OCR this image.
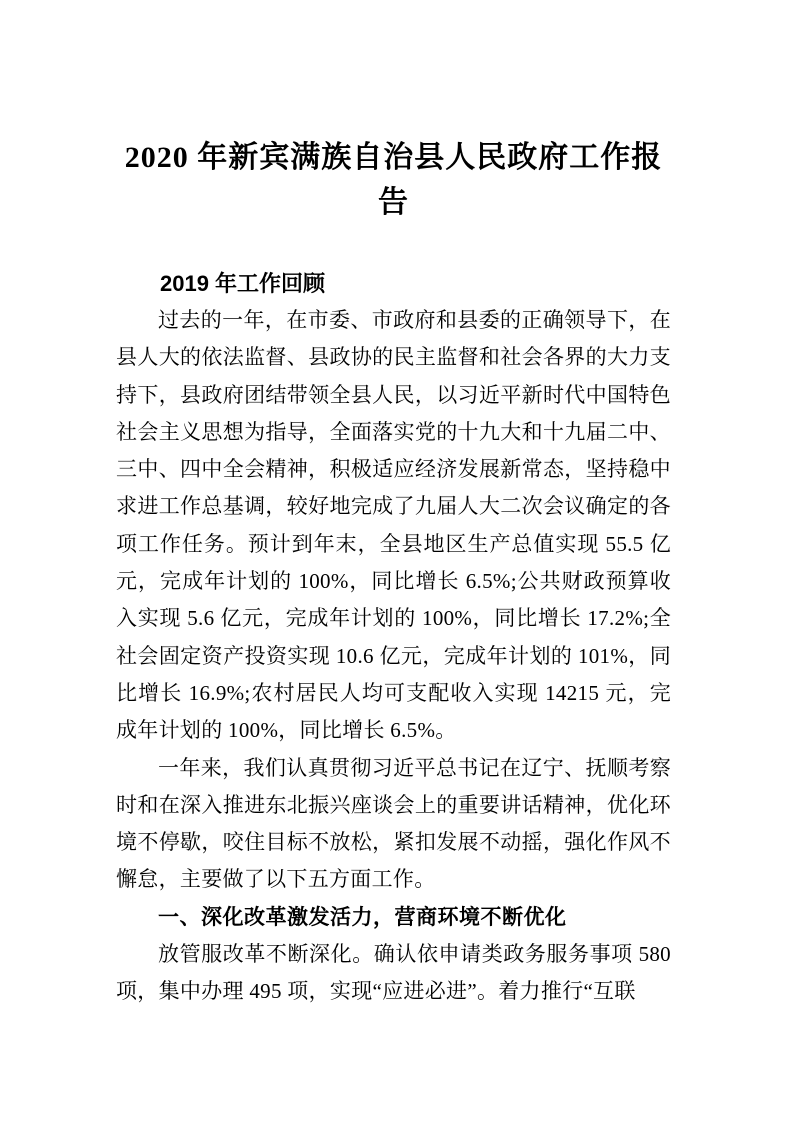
2020 年新宾满族自治县人民政府工作报告
2019 年工作回顾

过去的一年，在市委、市政府和县委的正确领导下，在县人大的依法监督、县政协的民主监督和社会各界的大力支持下，县政府团结带领全县人民，以习近平新时代中国特色社会主义思想为指导，全面落实党的十九大和十九届二中、三中、四中全会精神，积极适应经济发展新常态，坚持稳中求进工作总基调，较好地完成了九届人大二次会议确定的各项工作任务。预计到年末，全县地区生产总值实现 55.5 亿元，完成年计划的 100%，同比增长 6.5%;公共财政预算收入实现 5.6 亿元，完成年计划的 100%，同比增长 17.2%;全社会固定资产投资实现 10.6 亿元，完成年计划的 101%，同比增长 16.9%;农村居民人均可支配收入实现 14215 元，完成年计划的 100%，同比增长 6.5%。

一年来，我们认真贯彻习近平总书记在辽宁、抚顺考察时和在深入推进东北振兴座谈会上的重要讲话精神，优化环境不停歇，咬住目标不放松，紧扣发展不动摇，强化作风不懈怠，主要做了以下五方面工作。

一、深化改革激发活力，营商环境不断优化

放管服改革不断深化。确认依申请类政务服务事项 580 项，集中办理 495 项，实现“应进必进”。着力推行“互联
